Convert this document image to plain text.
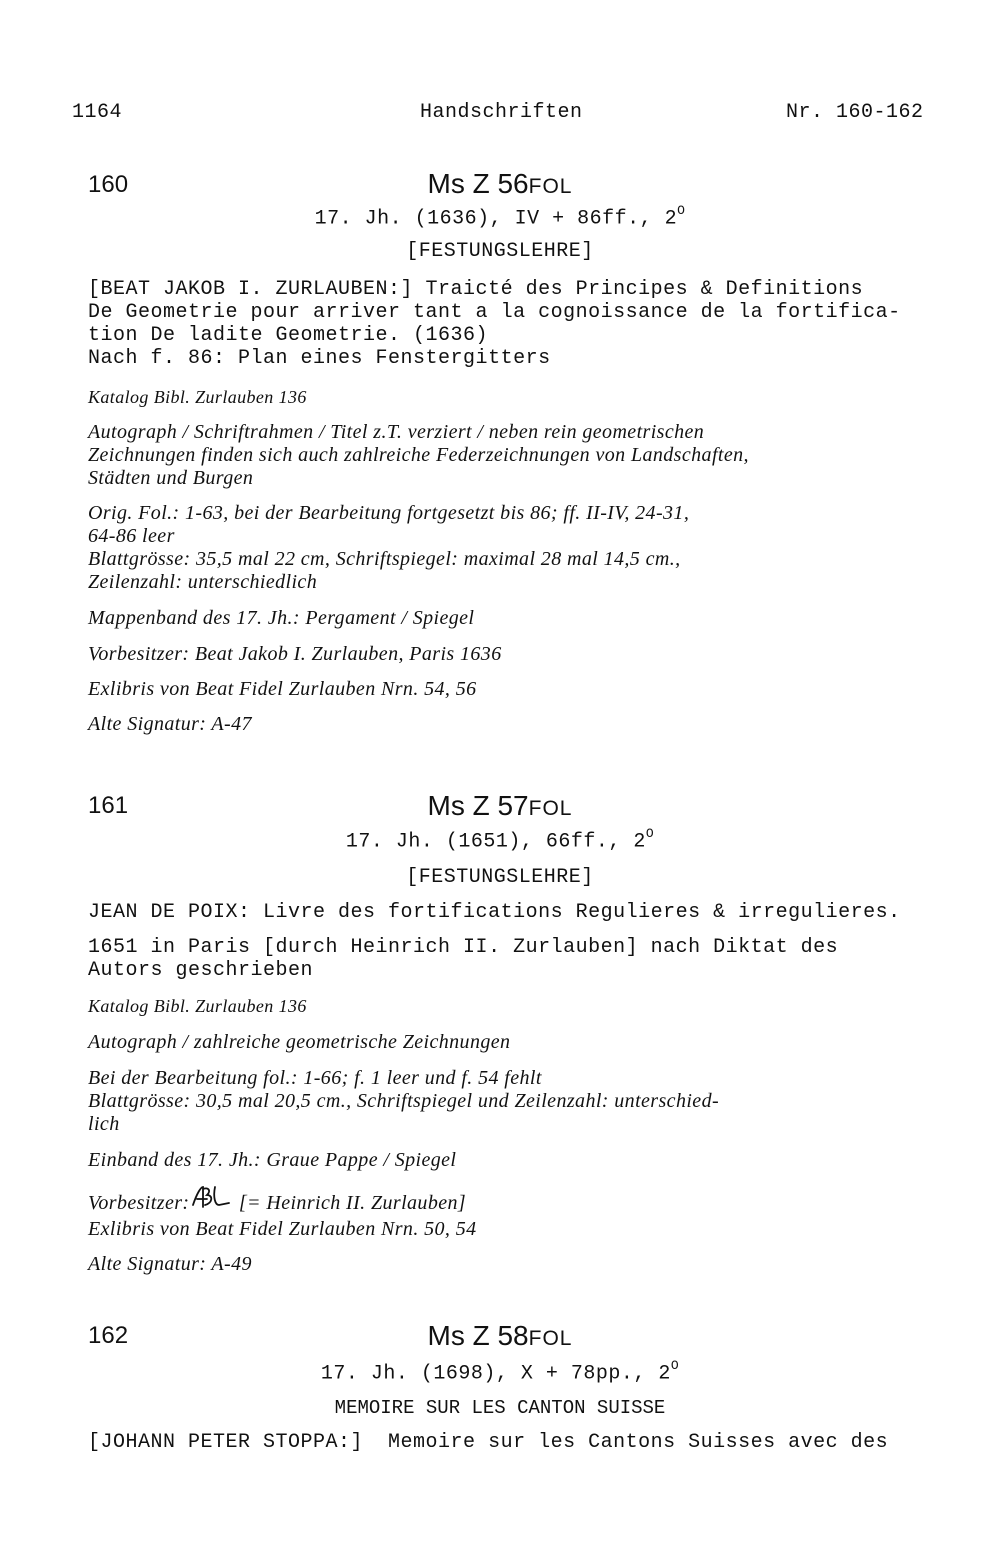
1164	Handschriften	Nr. 160-162
160	Ms Z 56FOL
17. Jh. (1636), IV + 86ff., $2^O$
[FESTUNGSLEHRE]
[BEAT JAKOB I. ZURLAUBEN:] Traicté des Principes & Definitions
De Geometrie pour arriver tant a la cognoissance de la fortifica-
tion De ladite Geometrie. (1636)
Nach f. 86: Plan eines Fenstergitters
Katalog Bibl. Zurlauben 136
Autograph / Schriftrahmen / Titel z.T. verziert / neben rein geometrischen
Zeichnungen finden sich auch zahlreiche Federzeichnungen von Landschaften,
Städten und Burgen
Orig. Fol.: 1-63, bei der Bearbeitung fortgesetzt bis 86; ff. II-IV, 24-31,
64-86 leer
Blattgrösse: 35,5 mal 22 cm, Schriftspiegel: maximal 28 mal 14,5 cm.,
Zeilenzahl: unterschiedlich
Mappenband des 17. Jh.: Pergament / Spiegel
Vorbesitzer: Beat Jakob I. Zurlauben, Paris 1636
Exlibris von Beat Fidel Zurlauben Nrn. 54, 56
Alte Signatur: A-47
161	Ms Z 57FOL
17. Jh. (1651), 66ff., $2^O$
[FESTUNGSLEHRE]
JEAN DE POIX: Livre des fortifications Regulieres & irregulieres.
1651 in Paris [durch Heinrich II. Zurlauben] nach Diktat des
Autors geschrieben
Katalog Bibl. Zurlauben 136
Autograph / zahlreiche geometrische Zeichnungen
Bei der Bearbeitung fol.: 1-66; f. 1 leer und f. 54 fehlt
Blattgrösse: 30,5 mal 20,5 cm., Schriftspiegel und Zeilenzahl: unterschied-
lich
Einband des 17. Jh.: Graue Pappe / Spiegel
Vorbesitzer: [= Heinrich II. Zurlauben]
Exlibris von Beat Fidel Zurlauben Nrn. 50, 54
Alte Signatur: A-49
162	Ms Z 58FOL
17. Jh. (1698), X + 78pp., $2^O$
MEMOIRE SUR LES CANTON SUISSE
[JOHANN PETER STOPPA:]  Memoire sur les Cantons Suisses avec des
